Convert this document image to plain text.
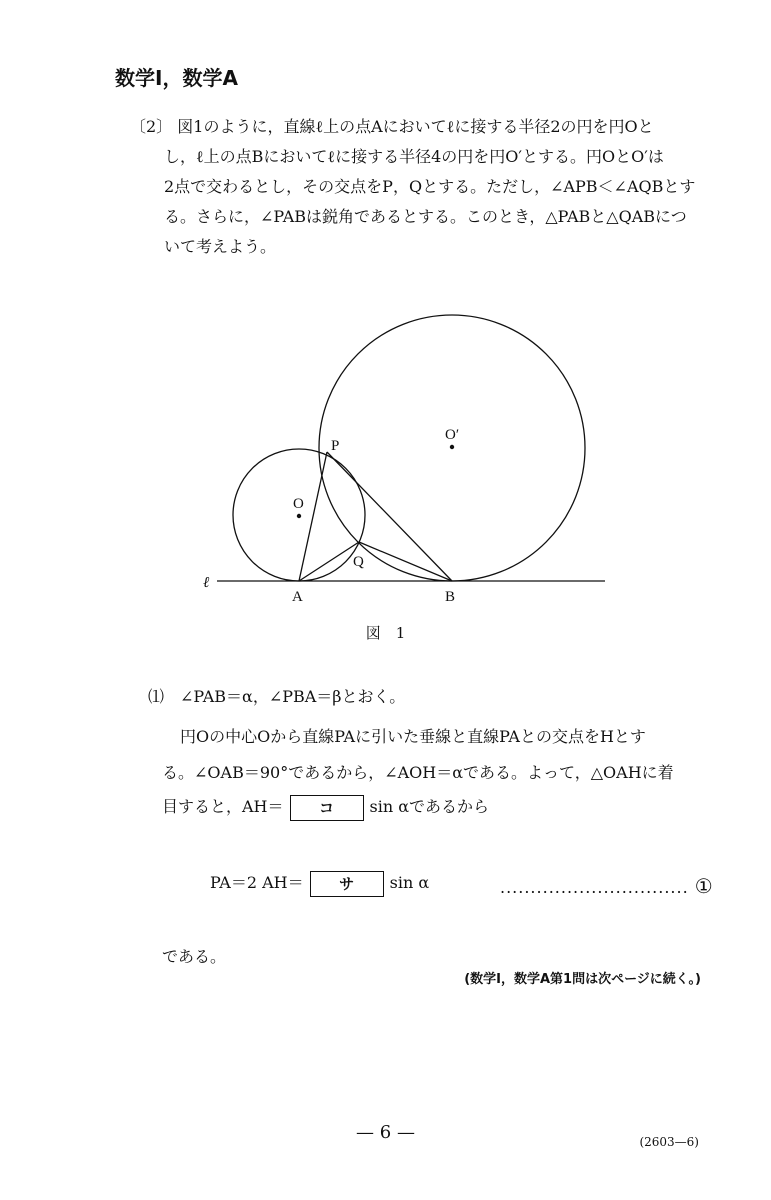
数学Ⅰ，数学A
〔2〕 図1のように，直線ℓ上の点Aにおいてℓに接する半径2の円を円Oと
し，ℓ上の点Bにおいてℓに接する半径4の円を円O′とする。円OとO′は
2点で交わるとし，その交点をP，Qとする。ただし，∠APB＜∠AQBとす
る。さらに，∠PABは鋭角であるとする。このとき，△PABと△QABにつ
いて考えよう。
ℓ
A	B
P
Q
O
O′
図　1
⑴　∠PAB＝α，∠PBA＝βとおく。
円Oの中心Oから直線PAに引いた垂線と直線PAとの交点をHとす
る。∠OAB＝90°であるから，∠AOH＝αである。よって，△OAHに着
目すると，AH＝ コ sin αであるから
PA＝2 AH＝ サ sin α	............................... ①
である。
(数学Ⅰ，数学A第1問は次ページに続く。)
— 6 —	(2603—6)
